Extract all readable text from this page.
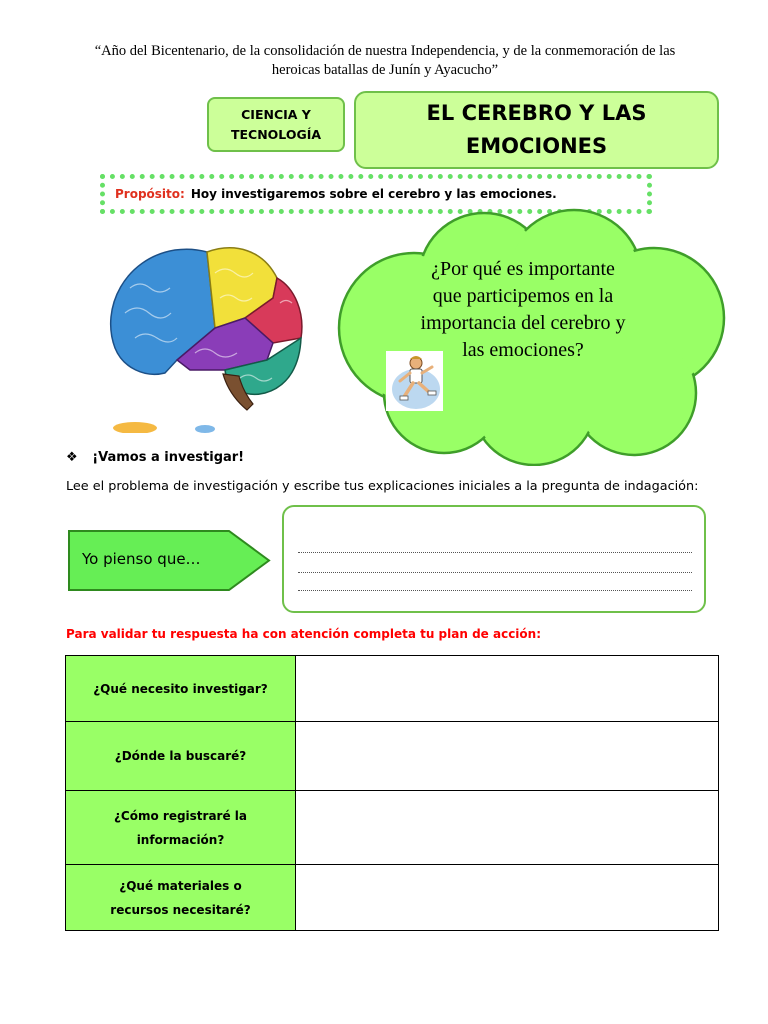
“Año del Bicentenario, de la consolidación de nuestra Independencia, y de la conmemoración de las
heroicas batallas de Junín y Ayacucho”
CIENCIA Y
TECNOLOGÍA
EL CEREBRO Y LAS
EMOCIONES
Propósito: Hoy investigaremos sobre el cerebro y las emociones.
¿Por qué es importante
que participemos en la
importancia del cerebro y
las emociones?
❖ ¡Vamos a investigar!
Lee el problema de investigación y escribe tus explicaciones iniciales a la pregunta de indagación:
Yo pienso que…
Para validar tu respuesta ha con atención completa tu plan de acción:
¿Qué necesito investigar?	

¿Dónde la buscaré?	

¿Cómo registraré la
información?	

¿Qué materiales o
recursos necesitaré?	
